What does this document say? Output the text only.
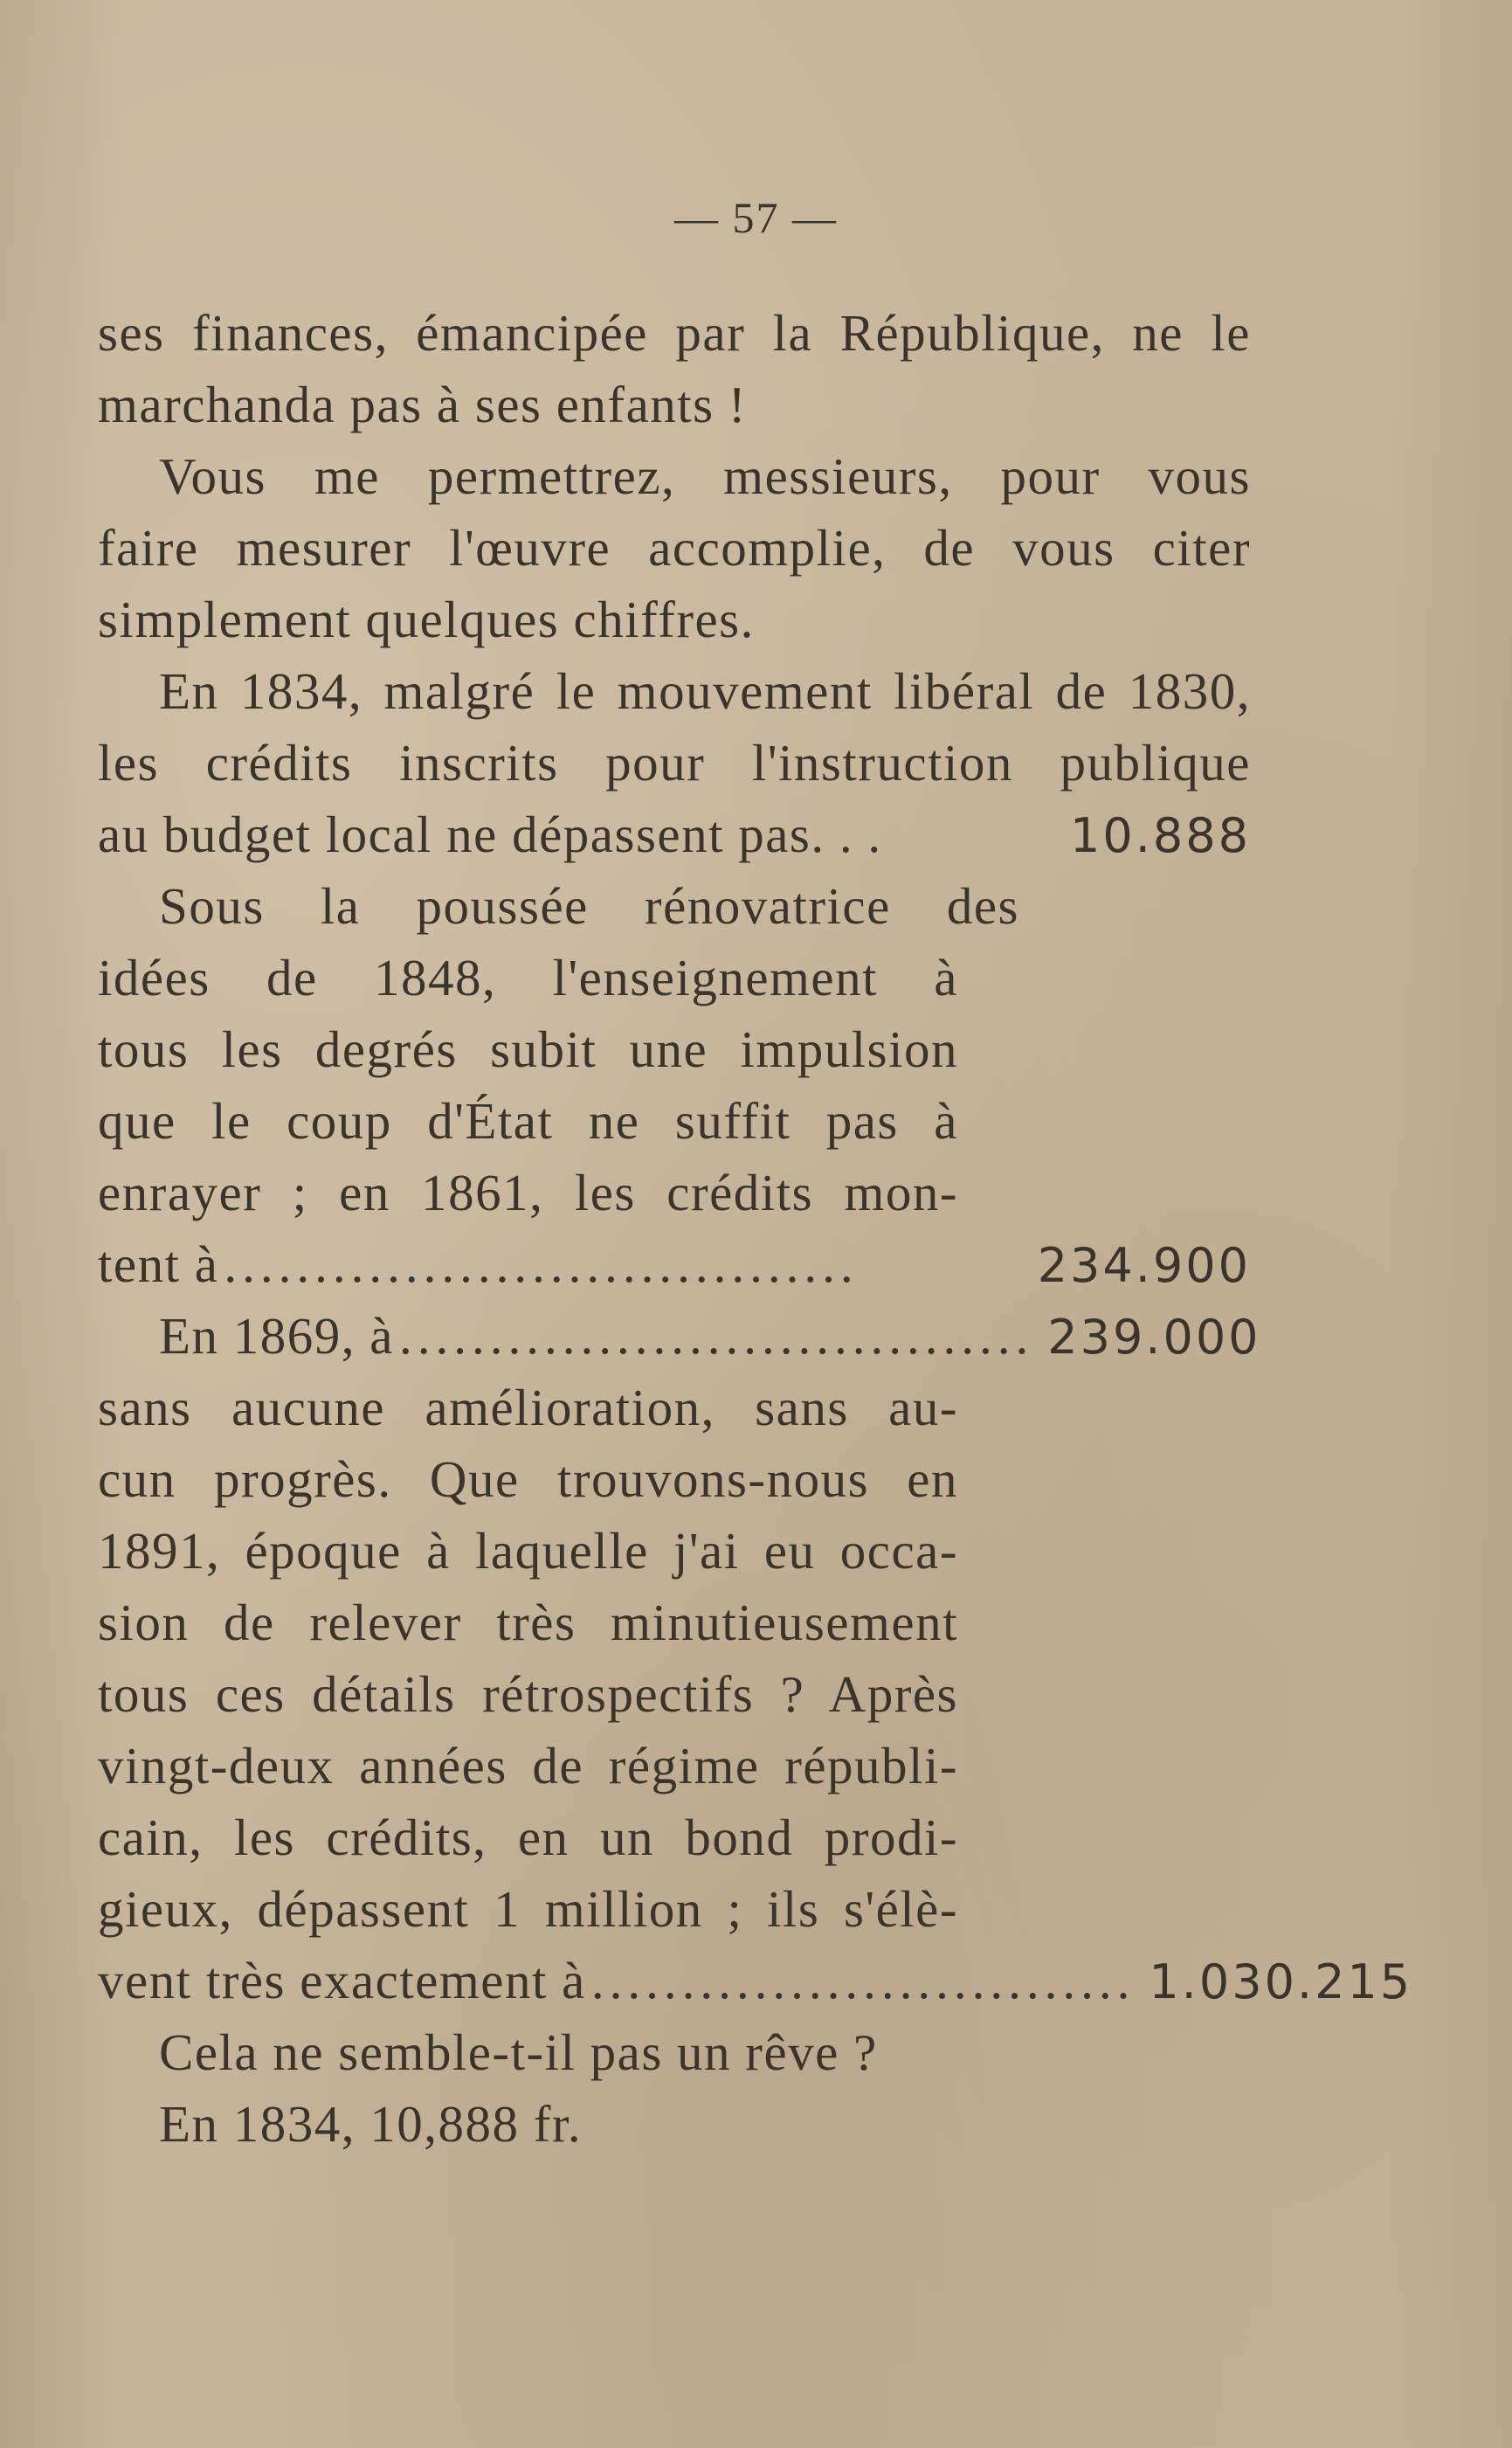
— 57 —
ses finances, émancipée par la République, ne le
marchanda pas à ses enfants !
Vous me permettrez, messieurs, pour vous
faire mesurer l'œuvre accomplie, de vous citer
simplement quelques chiffres.
En 1834, malgré le mouvement libéral de 1830,
les crédits inscrits pour l'instruction publique
au budget local ne dépassent pas. . .	10.888
Sous la poussée rénovatrice des
idées de 1848, l'enseignement à
tous les degrés subit une impulsion
que le coup d'État ne suffit pas à
enrayer ; en 1861, les crédits mon-
tent à ...................................	234.900
En 1869, à ................................... 239.000
sans aucune amélioration, sans au-
cun progrès. Que trouvons-nous en
1891, époque à laquelle j'ai eu occa-
sion de relever très minutieusement
tous ces détails rétrospectifs ? Après
vingt-deux années de régime républi-
cain, les crédits, en un bond prodi-
gieux, dépassent 1 million ; ils s'élè-
vent très exactement à .............................. 1.030.215
Cela ne semble-t-il pas un rêve ?
En 1834, 10,888 fr.
